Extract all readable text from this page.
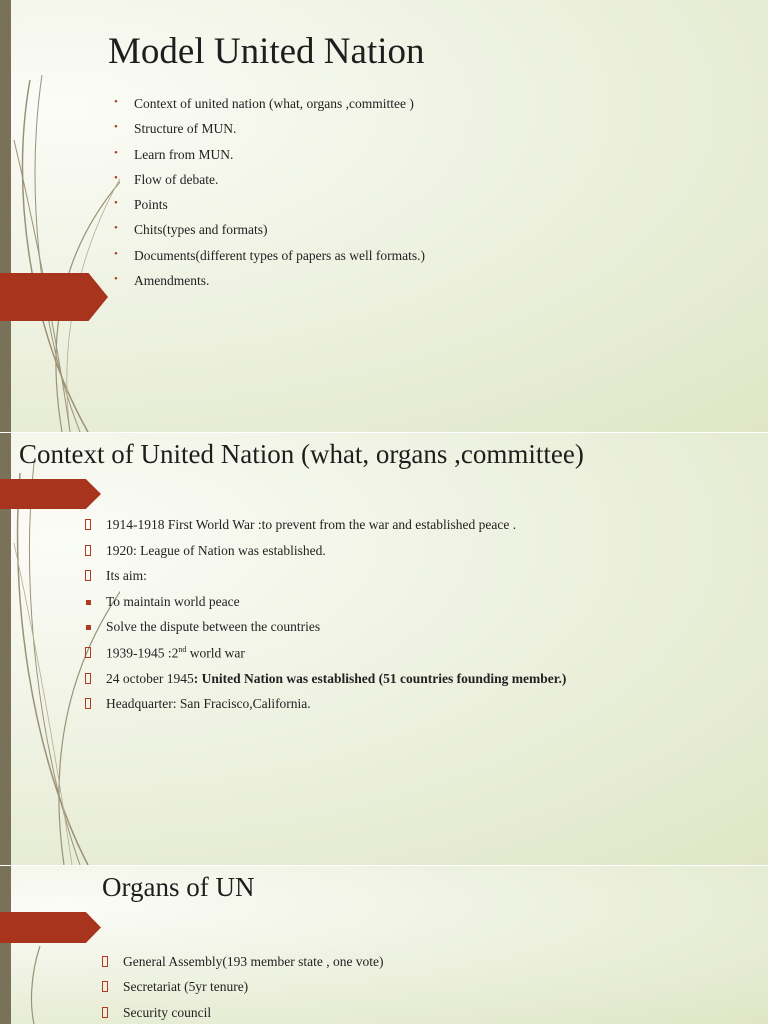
Model United Nation
• Context of united nation (what, organs ,committee )
• Structure of MUN.
• Learn from MUN.
• Flow of debate.
• Points
• Chits(types and formats)
• Documents(different types of papers as well formats.)
• Amendments.
Context of United Nation (what, organs ,committee)
1914-1918 First World War :to prevent from the war and established peace .
1920: League of Nation was established.
Its aim:
To maintain world peace
Solve the dispute between the countries
1939-1945 :2nd world war
24 october 1945: United Nation was established (51 countries founding member.)
Headquarter: San Fracisco,California.
Organs of UN
General Assembly(193 member state , one vote)
Secretariat (5yr tenure)
Security council
